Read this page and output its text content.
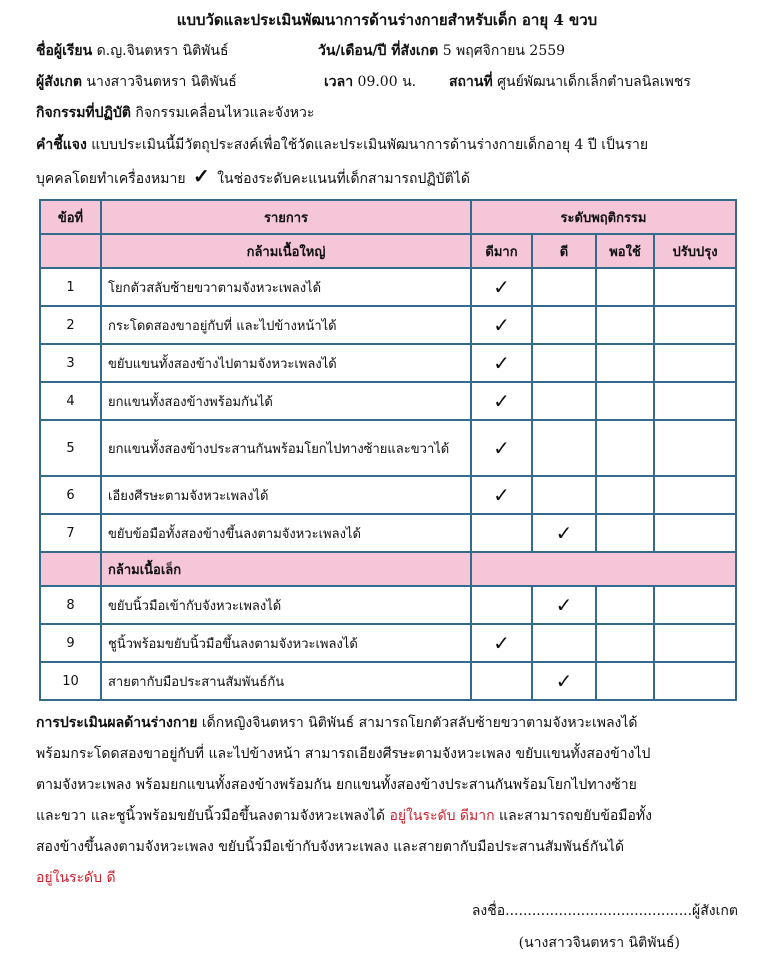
แบบวัดและประเมินพัฒนาการด้านร่างกายสำหรับเด็ก อายุ 4 ขวบ
ชื่อผู้เรียน ด.ญ.จินตหรา นิติพันธ์	วัน/เดือน/ปี ที่สังเกต 5 พฤศจิกายน 2559
ผู้สังเกต นางสาวจินตหรา นิติพันธ์	เวลา 09.00 น. สถานที่ ศูนย์พัฒนาเด็กเล็กตำบลนิลเพชร
กิจกรรมที่ปฏิบัติ กิจกรรมเคลื่อนไหวและจังหวะ
คำชี้แจง แบบประเมินนี้มีวัตถุประสงค์เพื่อใช้วัดและประเมินพัฒนาการด้านร่างกายเด็กอายุ 4 ปี เป็นราย
บุคคลโดยทำเครื่องหมาย ✓ ในช่องระดับคะแนนที่เด็กสามารถปฏิบัติได้
ข้อที่	รายการ	ระดับพฤติกรรม			
	กล้ามเนื้อใหญ่	ดีมาก	ดี	พอใช้	ปรับปรุง
1	โยกตัวสลับซ้ายขวาตามจังหวะเพลงได้	✓			
2	กระโดดสองขาอยู่กับที่ และไปข้างหน้าได้	✓			
3	ขยับแขนทั้งสองข้างไปตามจังหวะเพลงได้	✓			
4	ยกแขนทั้งสองข้างพร้อมกันได้	✓			
5	ยกแขนทั้งสองข้างประสานกันพร้อมโยกไปทางซ้ายและขวาได้	✓			
6	เอียงศีรษะตามจังหวะเพลงได้	✓			
7	ขยับข้อมือทั้งสองข้างขึ้นลงตามจังหวะเพลงได้		✓		
	กล้ามเนื้อเล็ก				
8	ขยับนิ้วมือเข้ากับจังหวะเพลงได้		✓		
9	ชูนิ้วพร้อมขยับนิ้วมือขึ้นลงตามจังหวะเพลงได้	✓			
10	สายตากับมือประสานสัมพันธ์กัน		✓		
การประเมินผลด้านร่างกาย เด็กหญิงจินตหรา นิติพันธ์ สามารถโยกตัวสลับซ้ายขวาตามจังหวะเพลงได้
พร้อมกระโดดสองขาอยู่กับที่ และไปข้างหน้า สามารถเอียงศีรษะตามจังหวะเพลง ขยับแขนทั้งสองข้างไป
ตามจังหวะเพลง พร้อมยกแขนทั้งสองข้างพร้อมกัน ยกแขนทั้งสองข้างประสานกันพร้อมโยกไปทางซ้าย
และขวา และชูนิ้วพร้อมขยับนิ้วมือขึ้นลงตามจังหวะเพลงได้ อยู่ในระดับ ดีมาก และสามารถขยับข้อมือทั้ง
สองข้างขึ้นลงตามจังหวะเพลง ขยับนิ้วมือเข้ากับจังหวะเพลง และสายตากับมือประสานสัมพันธ์กันได้
อยู่ในระดับ ดี
ลงชื่อ..........................................ผู้สังเกต
(นางสาวจินตหรา นิติพันธ์)
